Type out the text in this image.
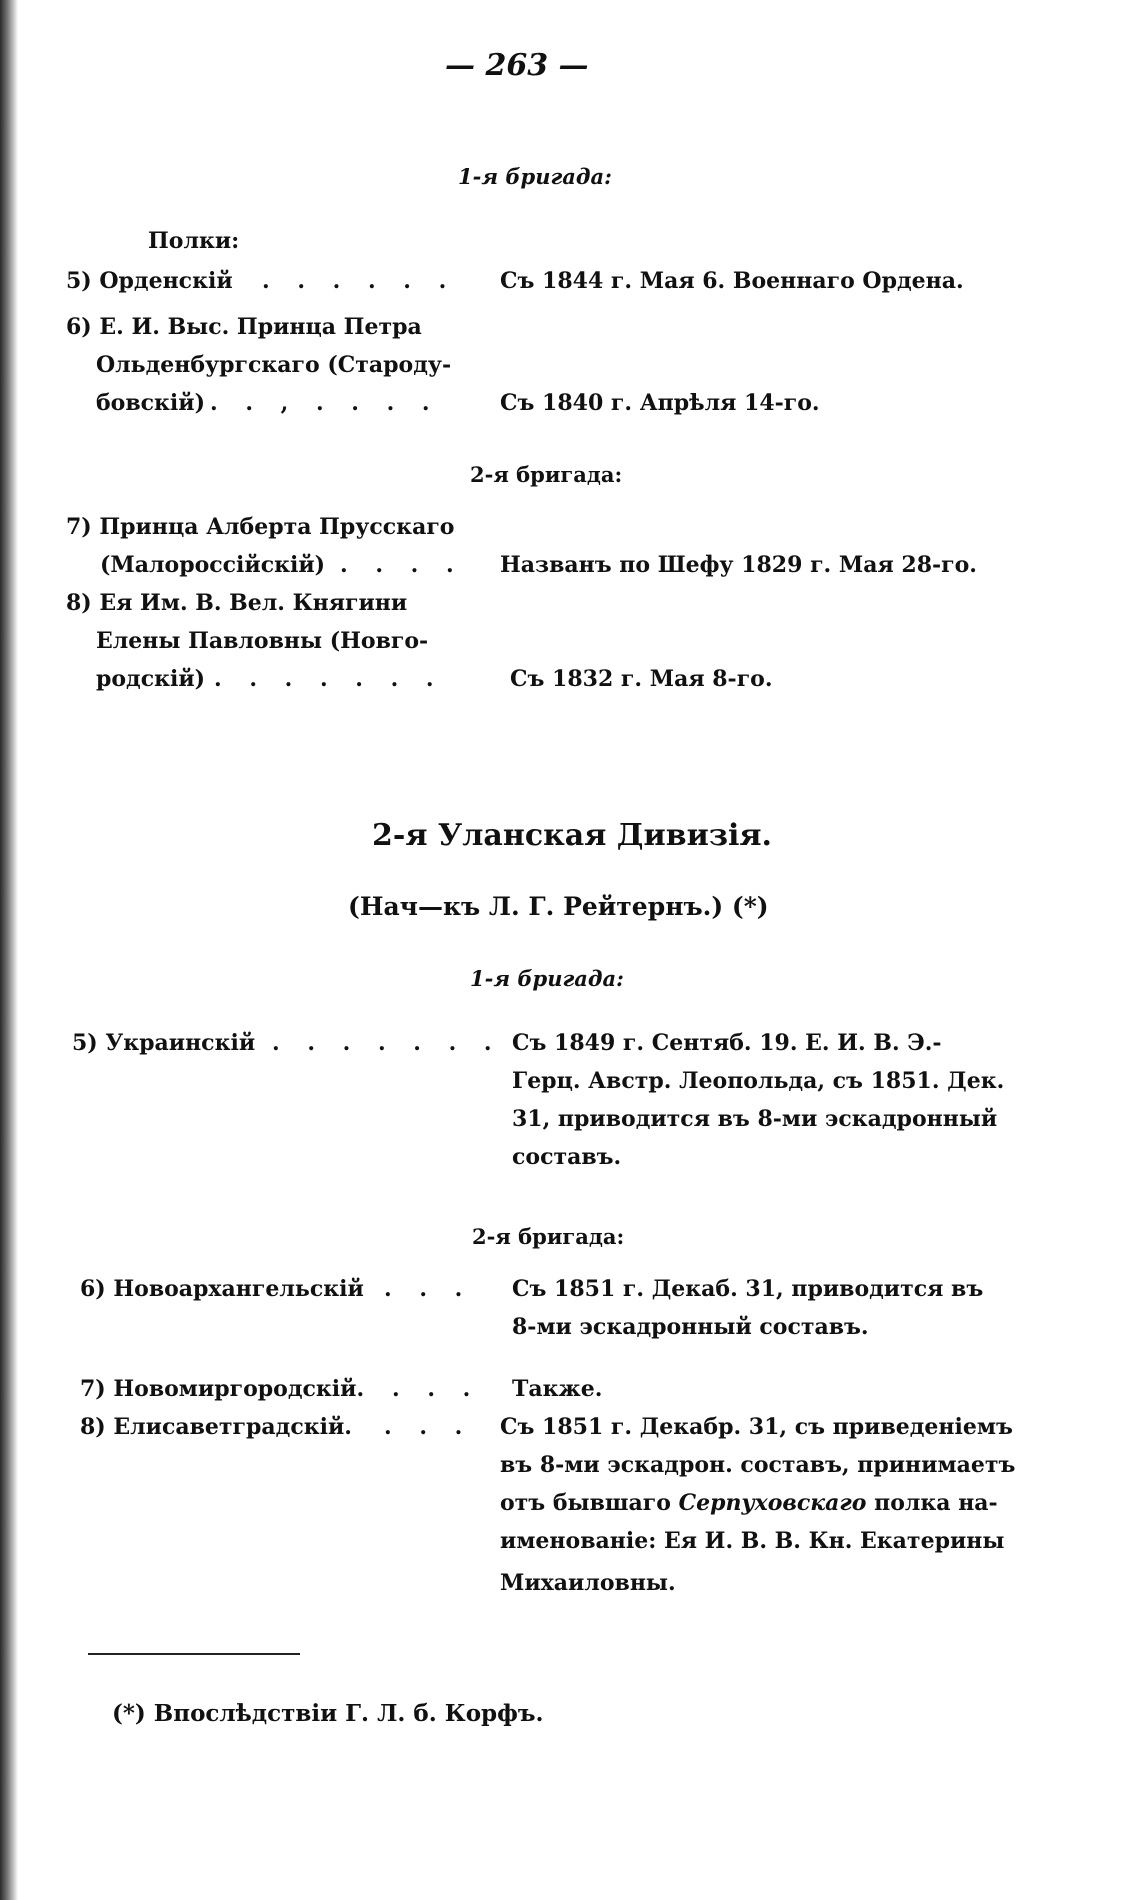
— 263 —
1-я бригада:
Полки:
5) Орденскій . . . . . . Съ 1844 г. Мая 6. Военнаго Ордена.
6) Е. И. Выс. Принца Петра
Ольденбургскаго (Староду-
бовскій) . . , . . . .	Съ 1840 г. Апрѣля 14-го.
2-я бригада:
7) Принца Алберта Прусскаго
(Малороссійскій) . . . . Названъ по Шефу 1829 г. Мая 28-го.
8) Ея Им. В. Вел. Княгини
Елены Павловны (Новго-
родскій) . . . . . . .	Съ 1832 г. Мая 8-го.
2-я Уланская Дивизія.
(Нач—къ Л. Г. Рейтернъ.) (*)
1-я бригада:
5) Украинскій . . . . . . . Съ 1849 г. Сентяб. 19. Е. И. В. Э.-
Герц. Австр. Леопольда, съ 1851. Дек.
31, приводится въ 8-ми эскадронный
составъ.
2-я бригада:
6) Новоархангельскій . . . Съ 1851 г. Декаб. 31, приводится въ
8-ми эскадронный составъ.
7) Новомиргородскій. . . . Также.
8) Елисаветградскій. . . . Съ 1851 г. Декабр. 31, съ приведеніемъ
въ 8-ми эскадрон. составъ, принимаетъ
отъ бывшаго Серпуховскаго полка на-
именованіе: Ея И. В. В. Кн. Екатерины
Михаиловны.
(*) Впослѣдствіи Г. Л. б. Корфъ.
